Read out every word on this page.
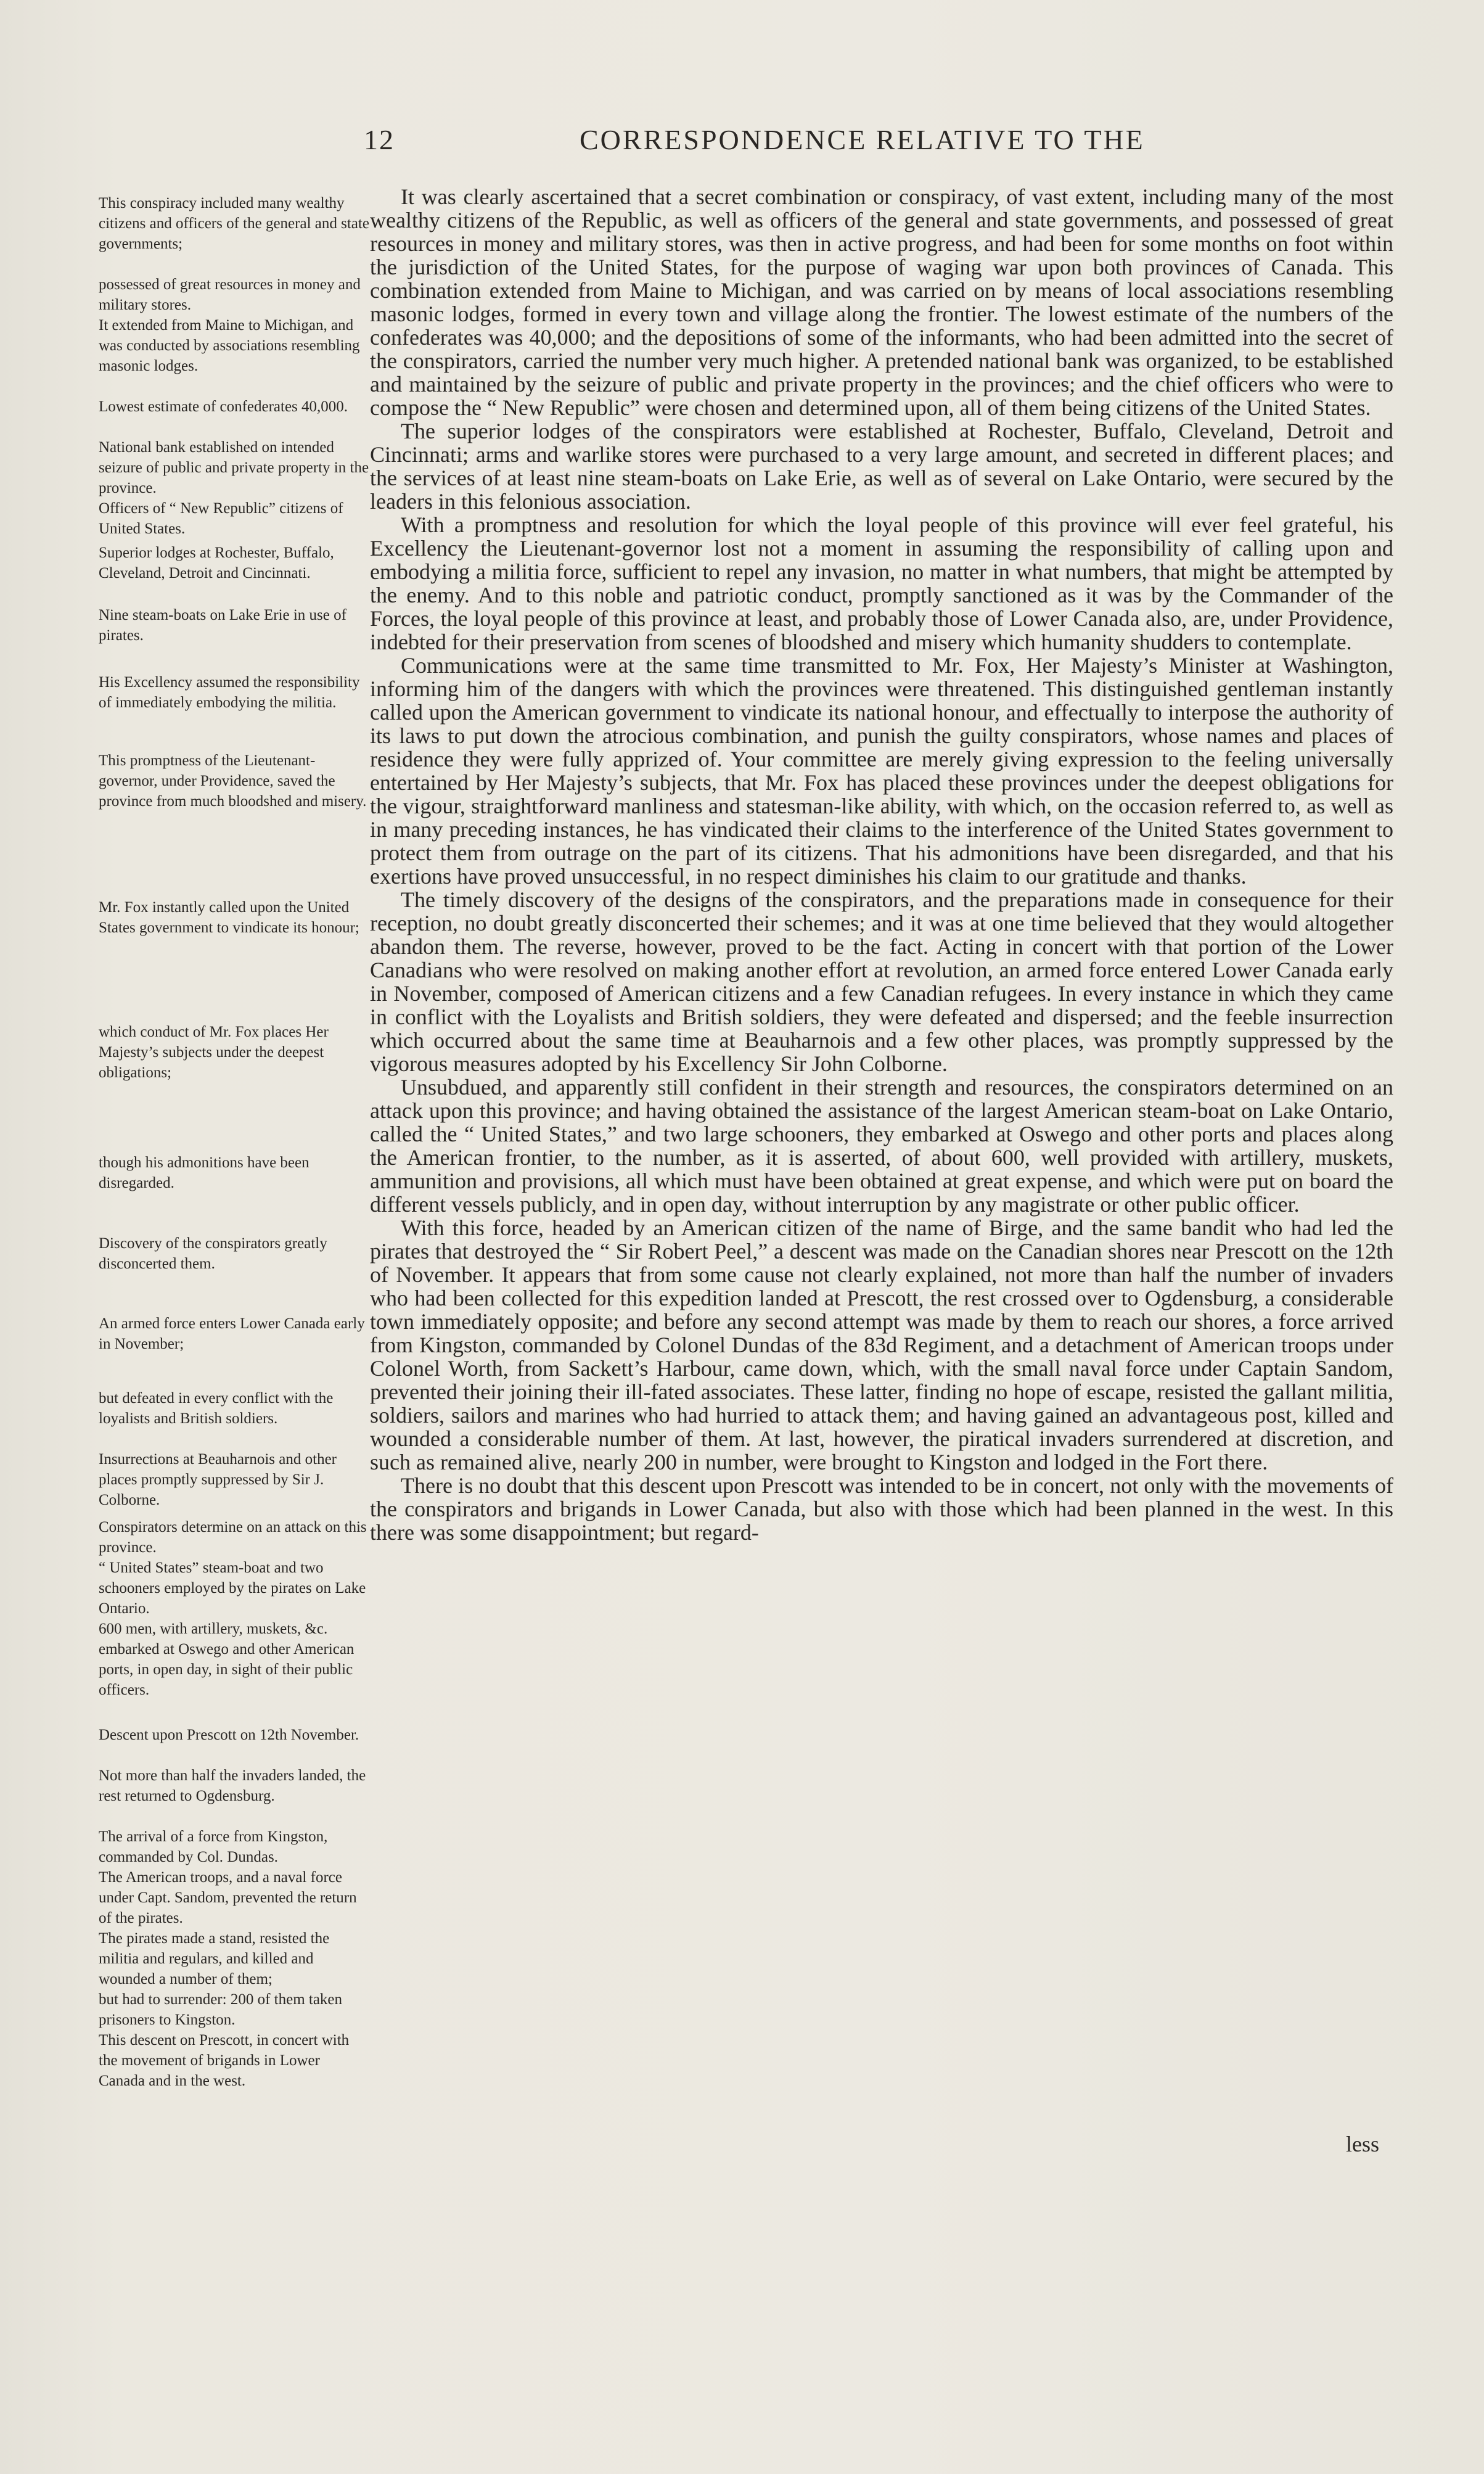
12	CORRESPONDENCE RELATIVE TO THE

This conspiracy included many wealthy citizens and officers of the general and state governments;

possessed of great resources in money and military stores.

It extended from Maine to Michigan, and was conducted by associations resembling masonic lodges.

Lowest estimate of confederates 40,000.

National bank established on intended seizure of public and private property in the province.

Officers of “ New Republic” citizens of United States.

Superior lodges at Rochester, Buffalo, Cleveland, Detroit and Cincinnati.

Nine steam-boats on Lake Erie in use of pirates.

His Excellency assumed the responsibility of immediately embodying the militia.

This promptness of the Lieutenant-governor, under Providence, saved the province from much bloodshed and misery.

Mr. Fox instantly called upon the United States government to vindicate its honour;

which conduct of Mr. Fox places Her Majesty’s subjects under the deepest obligations;

though his admonitions have been disregarded.

Discovery of the conspirators greatly disconcerted them.

An armed force enters Lower Canada early in November;

but defeated in every conflict with the loyalists and British soldiers.

Insurrections at Beauharnois and other places promptly suppressed by Sir J. Colborne.

Conspirators determine on an attack on this province.

“ United States” steam-boat and two schooners employed by the pirates on Lake Ontario.

600 men, with artillery, muskets, &c. embarked at Oswego and other American ports, in open day, in sight of their public officers.

Descent upon Prescott on 12th November.

Not more than half the invaders landed, the rest returned to Ogdensburg.

The arrival of a force from Kingston, commanded by Col. Dundas.

The American troops, and a naval force under Capt. Sandom, prevented the return of the pirates.

The pirates made a stand, resisted the militia and regulars, and killed and wounded a number of them;

but had to surrender: 200 of them taken prisoners to Kingston.

This descent on Prescott, in concert with the movement of brigands in Lower Canada and in the west.

It was clearly ascertained that a secret combination or conspiracy, of vast extent, including many of the most wealthy citizens of the Republic, as well as officers of the general and state governments, and possessed of great resources in money and military stores, was then in active progress, and had been for some months on foot within the jurisdiction of the United States, for the purpose of waging war upon both provinces of Canada. This combination extended from Maine to Michigan, and was carried on by means of local associations resembling masonic lodges, formed in every town and village along the frontier. The lowest estimate of the numbers of the confederates was 40,000; and the depositions of some of the informants, who had been admitted into the secret of the conspirators, carried the number very much higher. A pretended national bank was organized, to be established and maintained by the seizure of public and private property in the provinces; and the chief officers who were to compose the “ New Republic” were chosen and determined upon, all of them being citizens of the United States.

The superior lodges of the conspirators were established at Rochester, Buffalo, Cleveland, Detroit and Cincinnati; arms and warlike stores were purchased to a very large amount, and secreted in different places; and the services of at least nine steam-boats on Lake Erie, as well as of several on Lake Ontario, were secured by the leaders in this felonious association.

With a promptness and resolution for which the loyal people of this province will ever feel grateful, his Excellency the Lieutenant-governor lost not a moment in assuming the responsibility of calling upon and embodying a militia force, sufficient to repel any invasion, no matter in what numbers, that might be attempted by the enemy. And to this noble and patriotic conduct, promptly sanctioned as it was by the Commander of the Forces, the loyal people of this province at least, and probably those of Lower Canada also, are, under Providence, indebted for their preservation from scenes of bloodshed and misery which humanity shudders to contemplate.

Communications were at the same time transmitted to Mr. Fox, Her Majesty’s Minister at Washington, informing him of the dangers with which the provinces were threatened. This distinguished gentleman instantly called upon the American government to vindicate its national honour, and effectually to interpose the authority of its laws to put down the atrocious combination, and punish the guilty conspirators, whose names and places of residence they were fully apprized of. Your committee are merely giving expression to the feeling universally entertained by Her Majesty’s subjects, that Mr. Fox has placed these provinces under the deepest obligations for the vigour, straightforward manliness and statesman-like ability, with which, on the occasion referred to, as well as in many preceding instances, he has vindicated their claims to the interference of the United States government to protect them from outrage on the part of its citizens. That his admonitions have been disregarded, and that his exertions have proved unsuccessful, in no respect diminishes his claim to our gratitude and thanks.

The timely discovery of the designs of the conspirators, and the preparations made in consequence for their reception, no doubt greatly disconcerted their schemes; and it was at one time believed that they would altogether abandon them. The reverse, however, proved to be the fact. Acting in concert with that portion of the Lower Canadians who were resolved on making another effort at revolution, an armed force entered Lower Canada early in November, composed of American citizens and a few Canadian refugees. In every instance in which they came in conflict with the Loyalists and British soldiers, they were defeated and dispersed; and the feeble insurrection which occurred about the same time at Beauharnois and a few other places, was promptly suppressed by the vigorous measures adopted by his Excellency Sir John Colborne.

Unsubdued, and apparently still confident in their strength and resources, the conspirators determined on an attack upon this province; and having obtained the assistance of the largest American steam-boat on Lake Ontario, called the “ United States,” and two large schooners, they embarked at Oswego and other ports and places along the American frontier, to the number, as it is asserted, of about 600, well provided with artillery, muskets, ammunition and provisions, all which must have been obtained at great expense, and which were put on board the different vessels publicly, and in open day, without interruption by any magistrate or other public officer.

With this force, headed by an American citizen of the name of Birge, and the same bandit who had led the pirates that destroyed the “ Sir Robert Peel,” a descent was made on the Canadian shores near Prescott on the 12th of November. It appears that from some cause not clearly explained, not more than half the number of invaders who had been collected for this expedition landed at Prescott, the rest crossed over to Ogdensburg, a considerable town immediately opposite; and before any second attempt was made by them to reach our shores, a force arrived from Kingston, commanded by Colonel Dundas of the 83d Regiment, and a detachment of American troops under Colonel Worth, from Sackett’s Harbour, came down, which, with the small naval force under Captain Sandom, prevented their joining their ill-fated associates. These latter, finding no hope of escape, resisted the gallant militia, soldiers, sailors and marines who had hurried to attack them; and having gained an advantageous post, killed and wounded a considerable number of them. At last, however, the piratical invaders surrendered at discretion, and such as remained alive, nearly 200 in number, were brought to Kingston and lodged in the Fort there.

There is no doubt that this descent upon Prescott was intended to be in concert, not only with the movements of the conspirators and brigands in Lower Canada, but also with those which had been planned in the west. In this there was some disappointment; but regard-

less
